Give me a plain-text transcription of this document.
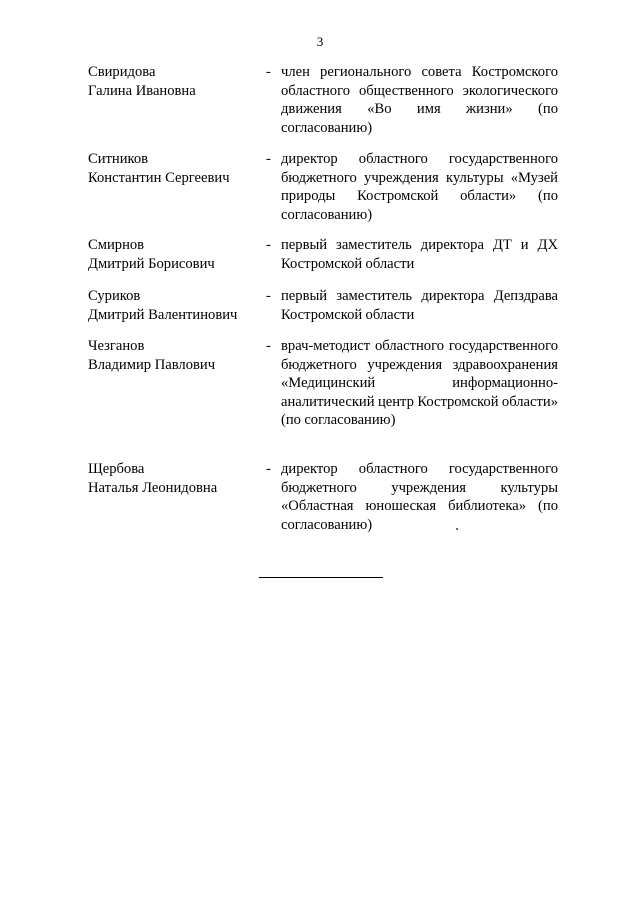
3
Свиридова
Галина Ивановна
- член регионального совета Костромского областного общественного экологического движения «Во имя жизни» (по согласованию)
Ситников
Константин Сергеевич
- директор областного государственного бюджетного учреждения культуры «Музей природы Костромской области» (по согласованию)
Смирнов
Дмитрий Борисович
- первый заместитель директора ДТ и ДХ Костромской области
Суриков
Дмитрий Валентинович
- первый заместитель директора Депздрава Костромской области
Чезганов
Владимир Павлович
- врач-методист областного государственного бюджетного учреждения здравоохранения «Медицинский информационно-аналитический центр Костромской области» (по согласованию)
Щербова
Наталья Леонидовна
- директор областного государственного бюджетного учреждения культуры «Областная юношеская библиотека» (по согласованию)
